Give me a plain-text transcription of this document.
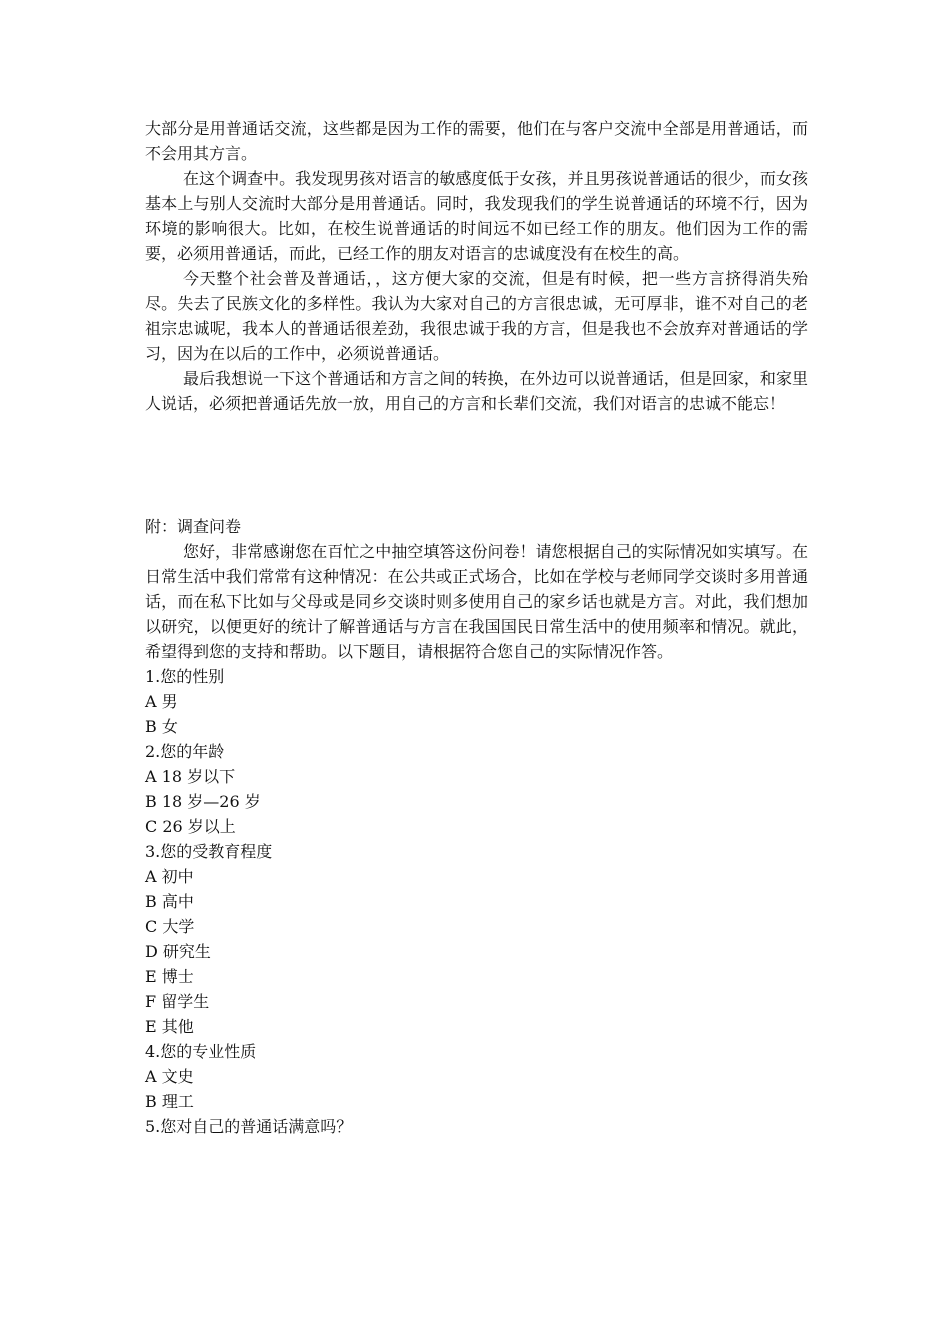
大部分是用普通话交流，这些都是因为工作的需要，他们在与客户交流中全部是用普通话，而不会用其方言。

在这个调查中。我发现男孩对语言的敏感度低于女孩，并且男孩说普通话的很少，而女孩基本上与别人交流时大部分是用普通话。同时，我发现我们的学生说普通话的环境不行，因为环境的影响很大。比如，在校生说普通话的时间远不如已经工作的朋友。他们因为工作的需要，必须用普通话，而此，已经工作的朋友对语言的忠诚度没有在校生的高。

今天整个社会普及普通话，，这方便大家的交流，但是有时候，把一些方言挤得消失殆尽。失去了民族文化的多样性。我认为大家对自己的方言很忠诚，无可厚非，谁不对自己的老祖宗忠诚呢，我本人的普通话很差劲，我很忠诚于我的方言，但是我也不会放弃对普通话的学习，因为在以后的工作中，必须说普通话。

最后我想说一下这个普通话和方言之间的转换，在外边可以说普通话，但是回家，和家里人说话，必须把普通话先放一放，用自己的方言和长辈们交流，我们对语言的忠诚不能忘！

附：调查问卷

您好，非常感谢您在百忙之中抽空填答这份问卷！请您根据自己的实际情况如实填写。在日常生活中我们常常有这种情况：在公共或正式场合，比如在学校与老师同学交谈时多用普通话，而在私下比如与父母或是同乡交谈时则多使用自己的家乡话也就是方言。对此，我们想加以研究，以便更好的统计了解普通话与方言在我国国民日常生活中的使用频率和情况。就此，希望得到您的支持和帮助。以下题目，请根据符合您自己的实际情况作答。

1.您的性别

A 男

B 女

2.您的年龄

A 18 岁以下

B 18 岁—26 岁

C 26 岁以上

3.您的受教育程度

A 初中

B 高中

C 大学

D 研究生

E 博士

F 留学生

E 其他

4.您的专业性质

A 文史

B 理工

5.您对自己的普通话满意吗？
